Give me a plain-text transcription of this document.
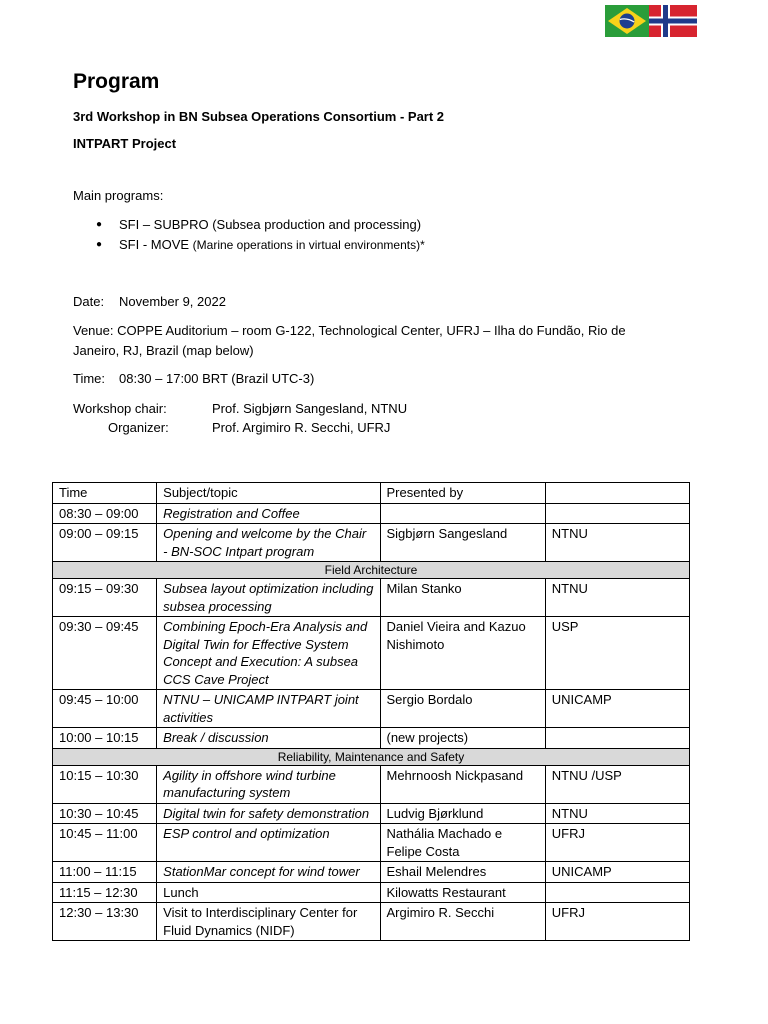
Program

3rd Workshop in BN Subsea Operations Consortium - Part 2

INTPART Project

Main programs:

● SFI – SUBPRO (Subsea production and processing)
● SFI - MOVE (Marine operations in virtual environments)*

Date: November 9, 2022

Venue: COPPE Auditorium – room G-122, Technological Center, UFRJ – Ilha do Fundão, Rio de

Janeiro, RJ, Brazil (map below)

Time: 08:30 – 17:00 BRT (Brazil UTC-3)

Workshop chair:	Prof. Sigbjørn Sangesland, NTNU

Organizer:	Prof. Argimiro R. Secchi, UFRJ

Time	Subject/topic	Presented by	
08:30 – 09:00	Registration and Coffee		
09:00 – 09:15	Opening and welcome by the Chair - BN-SOC Intpart program	Sigbjørn Sangesland	NTNU
Field Architecture			
09:15 – 09:30	Subsea layout optimization including subsea processing	Milan Stanko	NTNU
09:30 – 09:45	Combining Epoch-Era Analysis and Digital Twin for Effective System Concept and Execution: A subsea CCS Cave Project	Daniel Vieira and Kazuo Nishimoto	USP
09:45 – 10:00	NTNU – UNICAMP INTPART joint activities	Sergio Bordalo	UNICAMP
10:00 – 10:15	Break / discussion	(new projects)	
Reliability, Maintenance and Safety			
10:15 – 10:30	Agility in offshore wind turbine manufacturing system	Mehrnoosh Nickpasand	NTNU /USP
10:30 – 10:45	Digital twin for safety demonstration	Ludvig Bjørklund	NTNU
10:45 – 11:00	ESP control and optimization	Nathália Machado e Felipe Costa	UFRJ
11:00 – 11:15	StationMar concept for wind tower	Eshail Melendres	UNICAMP
11:15 – 12:30	Lunch	Kilowatts Restaurant	
12:30 – 13:30	Visit to Interdisciplinary Center for Fluid Dynamics (NIDF)	Argimiro R. Secchi	UFRJ
